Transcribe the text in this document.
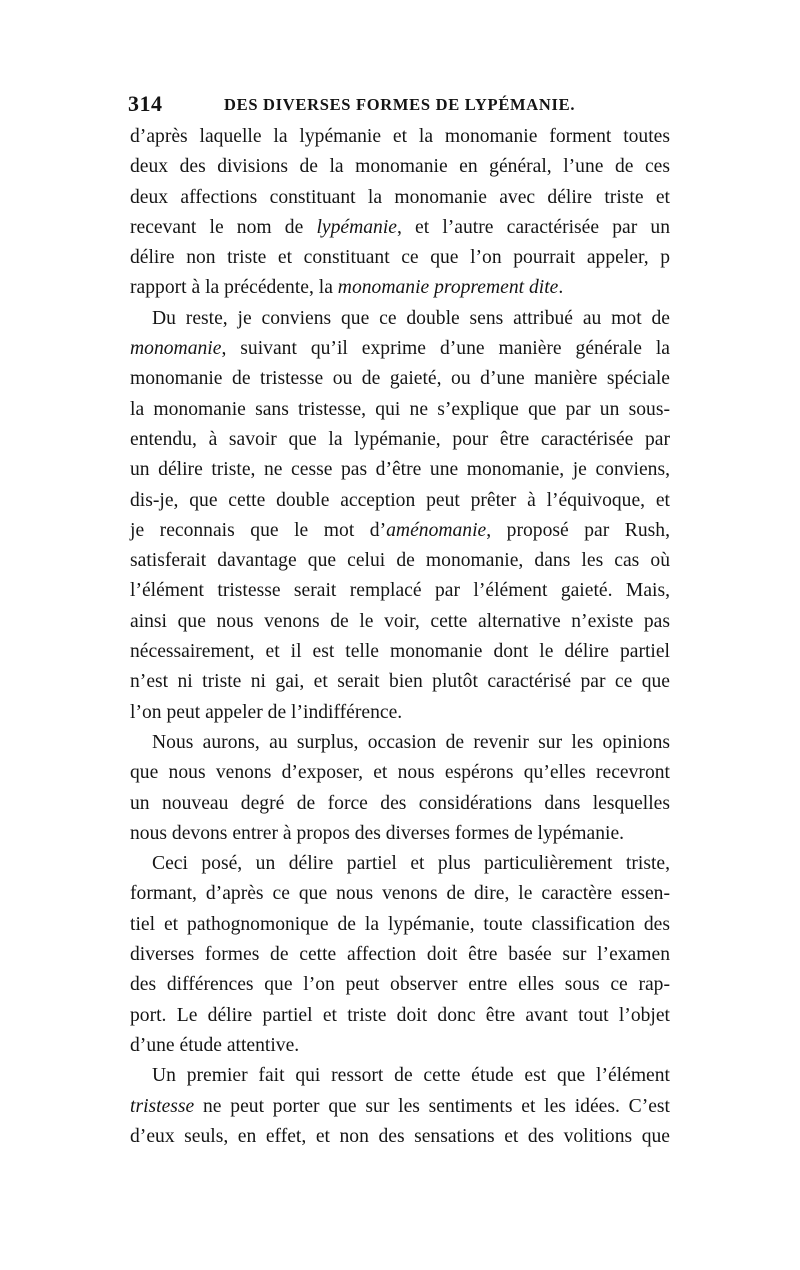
314	DES DIVERSES FORMES DE LYPÉMANIE.
d’après laquelle la lypémanie et la monomanie forment toutes
deux des divisions de la monomanie en général, l’une de ces
deux affections constituant la monomanie avec délire triste et
recevant le nom de lypémanie, et l’autre caractérisée par un
délire non triste et constituant ce que l’on pourrait appeler, p
rapport à la précédente, la monomanie proprement dite.
Du reste, je conviens que ce double sens attribué au mot de
monomanie, suivant qu’il exprime d’une manière générale la
monomanie de tristesse ou de gaieté, ou d’une manière spéciale
la monomanie sans tristesse, qui ne s’explique que par un sous-
entendu, à savoir que la lypémanie, pour être caractérisée par
un délire triste, ne cesse pas d’être une monomanie, je conviens,
dis-je, que cette double acception peut prêter à l’équivoque, et
je reconnais que le mot d’aménomanie, proposé par Rush,
satisferait davantage que celui de monomanie, dans les cas où
l’élément tristesse serait remplacé par l’élément gaieté. Mais,
ainsi que nous venons de le voir, cette alternative n’existe pas
nécessairement, et il est telle monomanie dont le délire partiel
n’est ni triste ni gai, et serait bien plutôt caractérisé par ce que
l’on peut appeler de l’indifférence.
Nous aurons, au surplus, occasion de revenir sur les opinions
que nous venons d’exposer, et nous espérons qu’elles recevront
un nouveau degré de force des considérations dans lesquelles
nous devons entrer à propos des diverses formes de lypémanie.
Ceci posé, un délire partiel et plus particulièrement triste,
formant, d’après ce que nous venons de dire, le caractère essen-
tiel et pathognomonique de la lypémanie, toute classification des
diverses formes de cette affection doit être basée sur l’examen
des différences que l’on peut observer entre elles sous ce rap-
port. Le délire partiel et triste doit donc être avant tout l’objet
d’une étude attentive.
Un premier fait qui ressort de cette étude est que l’élément
tristesse ne peut porter que sur les sentiments et les idées. C’est
d’eux seuls, en effet, et non des sensations et des volitions que
